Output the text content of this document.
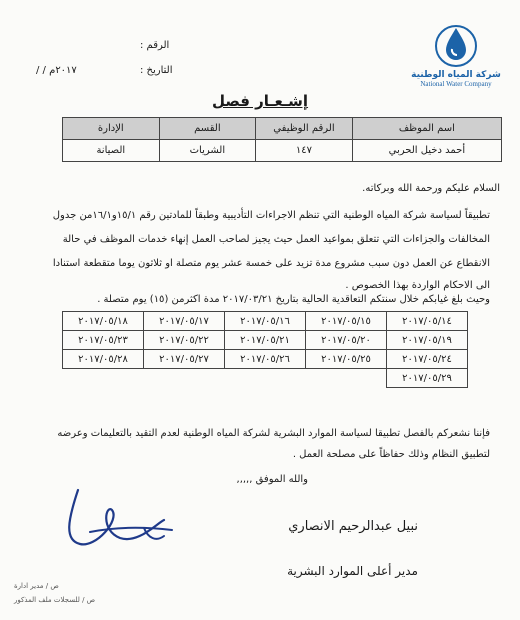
الرقم :
التاريخ :
/ / ٢٠١٧م	شركة المياه الوطنية
National Water Company
إشـعـار فصل
اسم الموظف	الرقم الوظيفي	القسم	الإدارة
أحمد دخيل الحربي	١٤٧	الشريات	الصيانة
السلام عليكم ورحمة الله وبركاته.
تطبيقاً لسياسة شركة المياه الوطنية التي تنظم الاجراءات التأديبية وطبقاً للمادتين رقم ١٥/١و١٦/١من جدول
المخالفات والجزاءات التي تتعلق بمواعيد العمل حيث يجيز لصاحب العمل إنهاء خدمات الموظف في حالة
الانقطاع عن العمل دون سبب مشروع مدة تزيد على خمسة عشر يوم متصلة او ثلاثون يوما متقطعة استنادا
الى الاحكام الواردة بهذا الخصوص .
وحيث بلغ غيابكم خلال سنتكم التعاقدية الحالية بتاريخ ٢٠١٧/٠٣/٢١ مدة اكثرمن (١٥) يوم متصلة .
٢٠١٧/٠٥/١٤	٢٠١٧/٠٥/١٥	٢٠١٧/٠٥/١٦	٢٠١٧/٠٥/١٧	٢٠١٧/٠٥/١٨
٢٠١٧/٠٥/١٩	٢٠١٧/٠٥/٢٠	٢٠١٧/٠٥/٢١	٢٠١٧/٠٥/٢٢	٢٠١٧/٠٥/٢٣
٢٠١٧/٠٥/٢٤	٢٠١٧/٠٥/٢٥	٢٠١٧/٠٥/٢٦	٢٠١٧/٠٥/٢٧	٢٠١٧/٠٥/٢٨
٢٠١٧/٠٥/٢٩				
فإننا نشعركم بالفصل تطبيقا لسياسة الموارد البشرية لشركة المياه الوطنية لعدم التقيد بالتعليمات وعرضه
لتطبيق النظام وذلك حفاظاً على مصلحة العمل .
والله الموفق ,,,,,
نبيل عبدالرحيم الانصاري
مدير أعلى الموارد البشرية
ص / مدير ادارة
ص / للسجلات ملف المذكور
